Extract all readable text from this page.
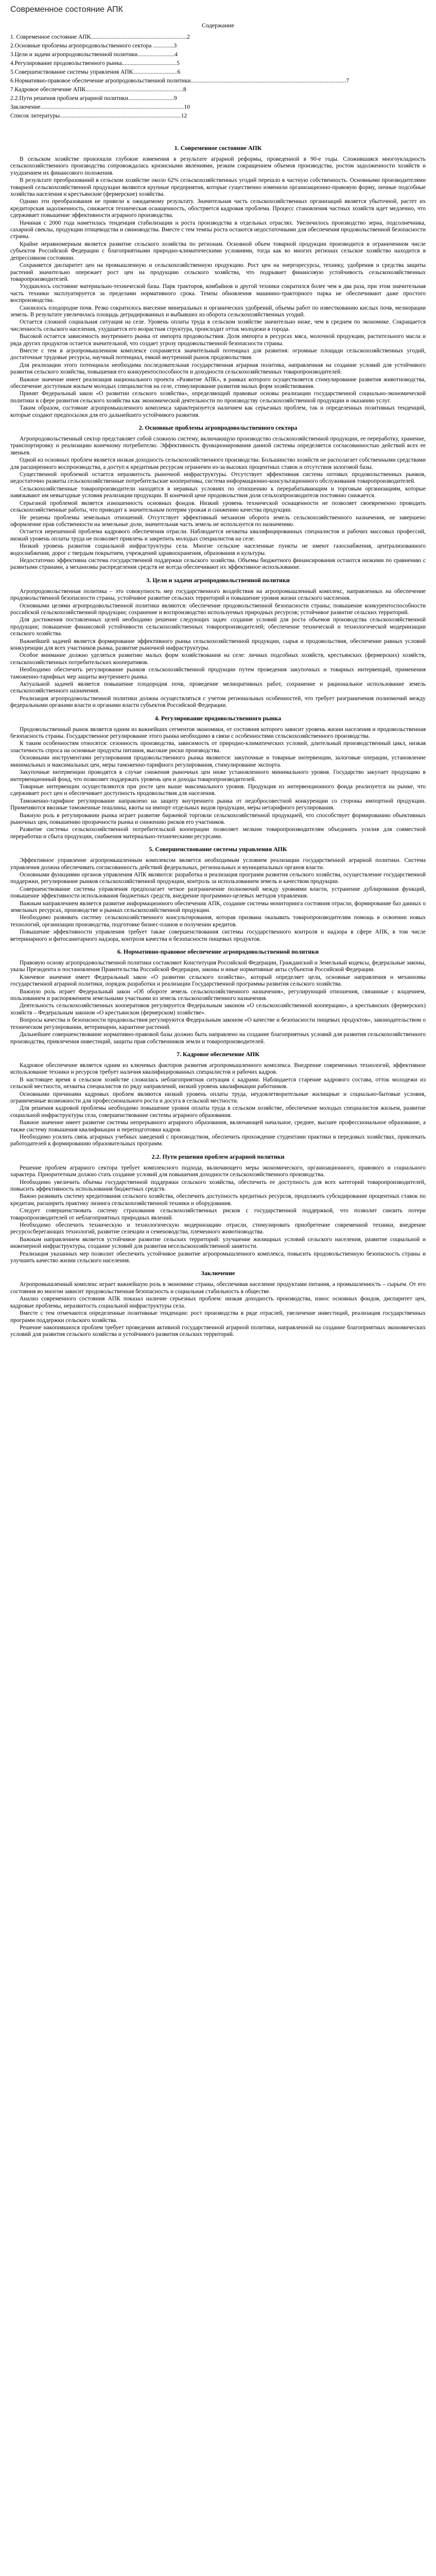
Современное состояние АПК
Содержание
1. Современное состояние АПК.................................................................2
2.Основные проблемы агропродовольственного сектора ..............3
3.Цели и задачи агропродовольственной политики.........................4
4.Регулирование продовольственного рынка.....................................5
5.Совершенствование системы управления АПК..............................6
6.Нормативно-правовое обеспечение агропродовольственной политики.........................................................................................................7
7.Кадровое обеспечение АПК..................................................................8
2.2.Пути решения проблем аграрной политики...............................9
Заключение.................................................................................................10
Список литературы..................................................................................12
1. Современное состояние АПК

В сельском хозяйстве произошли глубокие изменения в результате аграрной реформы, проведенной в 90-е годы. Сложившаяся многоукладность сельскохозяйственного производства сопровождалась кризисными явлениями, резким сокращением объемов производства, ростом задолженности хозяйств и ухудшением их финансового положения.

В результате преобразований в сельском хозяйстве около 62% сельскохозяйственных угодий перешло в частную собственность. Основными производителями товарной сельскохозяйственной продукции являются крупные предприятия, которые существенно изменили организационно-правовую форму, личные подсобные хозяйства населения и крестьянские (фермерские) хозяйства.

Однако эти преобразования не привели к ожидаемому результату. Значительная часть сельскохозяйственных организаций является убыточной, растет их кредиторская задолженность, снижается техническая оснащенность, обостряется кадровая проблема. Процесс становления частных хозяйств идет медленно, что сдерживает повышение эффективности аграрного производства.

Начиная с 2000 года наметилась тенденция стабилизации и роста производства в отдельных отраслях. Увеличилось производство зерна, подсолнечника, сахарной свеклы, продукции птицеводства и свиноводства. Вместе с тем темпы роста остаются недостаточными для обеспечения продовольственной безопасности страны.

Крайне неравномерным является развитие сельского хозяйства по регионам. Основной объем товарной продукции производится в ограниченном числе субъектов Российской Федерации с благоприятными природно-климатическими условиями, тогда как во многих регионах сельское хозяйство находится в депрессивном состоянии.

Сохраняется диспаритет цен на промышленную и сельскохозяйственную продукцию. Рост цен на энергоресурсы, технику, удобрения и средства защиты растений значительно опережает рост цен на продукцию сельского хозяйства, что подрывает финансовую устойчивость сельскохозяйственных товаропроизводителей.

Ухудшилось состояние материально-технической базы. Парк тракторов, комбайнов и другой техники сократился более чем в два раза, при этом значительная часть техники эксплуатируется за пределами нормативного срока. Темпы обновления машинно-тракторного парка не обеспечивают даже простого воспроизводства.

Снизилось плодородие почв. Резко сократилось внесение минеральных и органических удобрений, объемы работ по известкованию кислых почв, мелиорации земель. В результате увеличилась площадь деградированных и выбывших из оборота сельскохозяйственных угодий.

Остается сложной социальная ситуация на селе. Уровень оплаты труда в сельском хозяйстве значительно ниже, чем в среднем по экономике. Сокращается численность сельского населения, ухудшается его возрастная структура, происходит отток молодежи в города.

Высокой остается зависимость внутреннего рынка от импорта продовольствия. Доля импорта в ресурсах мяса, молочной продукции, растительного масла и ряда других продуктов остается значительной, что создает угрозу продовольственной безопасности страны.

Вместе с тем в агропромышленном комплексе сохраняется значительный потенциал для развития: огромные площади сельскохозяйственных угодий, достаточные трудовые ресурсы, научный потенциал, емкий внутренний рынок продовольствия.

Для реализации этого потенциала необходима последовательная государственная аграрная политика, направленная на создание условий для устойчивого развития сельского хозяйства, повышения его конкурентоспособности и доходности сельскохозяйственных товаропроизводителей.

Важное значение имеет реализация национального проекта «Развитие АПК», в рамках которого осуществляется стимулирование развития животноводства, обеспечение доступным жильем молодых специалистов на селе, стимулирование развития малых форм хозяйствования.

Принят Федеральный закон «О развитии сельского хозяйства», определяющий правовые основы реализации государственной социально-экономической политики в сфере развития сельского хозяйства как экономической деятельности по производству сельскохозяйственной продукции и оказанию услуг.

Таким образом, состояние агропромышленного комплекса характеризуется наличием как серьезных проблем, так и определенных позитивных тенденций, которые создают предпосылки для его дальнейшего устойчивого развития.

2. Основные проблемы агропродовольственного сектора

Агропродовольственный сектор представляет собой сложную систему, включающую производство сельскохозяйственной продукции, ее переработку, хранение, транспортировку и реализацию конечному потребителю. Эффективность функционирования данной системы определяется согласованностью действий всех ее звеньев.

Одной из основных проблем является низкая доходность сельскохозяйственного производства. Большинство хозяйств не располагает собственными средствами для расширенного воспроизводства, а доступ к кредитным ресурсам ограничен из-за высоких процентных ставок и отсутствия залоговой базы.

Существенной проблемой остается неразвитость рыночной инфраструктуры. Отсутствует эффективная система оптовых продовольственных рынков, недостаточно развиты сельскохозяйственные потребительские кооперативы, система информационно-консультационного обслуживания товаропроизводителей.

Сельскохозяйственные товаропроизводители находятся в неравных условиях по отношению к перерабатывающим и торговым организациям, которые навязывают им невыгодные условия реализации продукции. В конечной цене продовольствия доля сельхозпроизводителя постоянно снижается.

Серьезной проблемой является изношенность основных фондов. Низкий уровень технической оснащенности не позволяет своевременно проводить сельскохозяйственные работы, что приводит к значительным потерям урожая и снижению качества продукции.

Не решены проблемы земельных отношений. Отсутствует эффективный механизм оборота земель сельскохозяйственного назначения, не завершено оформление прав собственности на земельные доли, значительная часть земель не используется по назначению.

Остается нерешенной проблема кадрового обеспечения отрасли. Наблюдается нехватка квалифицированных специалистов и рабочих массовых профессий, низкий уровень оплаты труда не позволяет привлечь и закрепить молодых специалистов на селе.

Низкий уровень развития социальной инфраструктуры села. Многие сельские населенные пункты не имеют газоснабжения, централизованного водоснабжения, дорог с твердым покрытием, учреждений здравоохранения, образования и культуры.

Недостаточно эффективна система государственной поддержки сельского хозяйства. Объемы бюджетного финансирования остаются низкими по сравнению с развитыми странами, а механизмы распределения средств не всегда обеспечивают их эффективное использование.

3. Цели и задачи агропродовольственной политики

Агропродовольственная политика – это совокупность мер государственного воздействия на агропромышленный комплекс, направленных на обеспечение продовольственной безопасности страны, устойчивое развитие сельских территорий и повышение уровня жизни сельского населения.

Основными целями агропродовольственной политики являются: обеспечение продовольственной безопасности страны; повышение конкурентоспособности российской сельскохозяйственной продукции; сохранение и воспроизводство используемых природных ресурсов; устойчивое развитие сельских территорий.

Для достижения поставленных целей необходимо решение следующих задач: создание условий для роста объемов производства сельскохозяйственной продукции; повышение финансовой устойчивости сельскохозяйственных товаропроизводителей; обеспечение технической и технологической модернизации сельского хозяйства.

Важнейшей задачей является формирование эффективного рынка сельскохозяйственной продукции, сырья и продовольствия, обеспечение равных условий конкуренции для всех участников рынка, развитие рыночной инфраструктуры.

Особое внимание должно уделяться развитию малых форм хозяйствования на селе: личных подсобных хозяйств, крестьянских (фермерских) хозяйств, сельскохозяйственных потребительских кооперативов.

Необходимо обеспечить регулирование рынков сельскохозяйственной продукции путем проведения закупочных и товарных интервенций, применения таможенно-тарифных мер защиты внутреннего рынка.

Актуальной задачей является повышение плодородия почв, проведение мелиоративных работ, сохранение и рациональное использование земель сельскохозяйственного назначения.

Реализация агропродовольственной политики должна осуществляться с учетом региональных особенностей, что требует разграничения полномочий между федеральными органами власти и органами власти субъектов Российской Федерации.

4. Регулирование продовольственного рынка

Продовольственный рынок является одним из важнейших сегментов экономики, от состояния которого зависит уровень жизни населения и продовольственная безопасность страны. Государственное регулирование этого рынка необходимо в связи с особенностями сельскохозяйственного производства.

К таким особенностям относятся: сезонность производства, зависимость от природно-климатических условий, длительный производственный цикл, низкая эластичность спроса на основные продукты питания, высокие риски производства.

Основными инструментами регулирования продовольственного рынка являются: закупочные и товарные интервенции, залоговые операции, установление минимальных и максимальных цен, меры таможенно-тарифного регулирования, стимулирование экспорта.

Закупочные интервенции проводятся в случае снижения рыночных цен ниже установленного минимального уровня. Государство закупает продукцию в интервенционный фонд, что позволяет поддержать уровень цен и доходы товаропроизводителей.

Товарные интервенции осуществляются при росте цен выше максимального уровня. Продукция из интервенционного фонда реализуется на рынке, что сдерживает рост цен и обеспечивает доступность продовольствия для населения.

Таможенно-тарифное регулирование направлено на защиту внутреннего рынка от недобросовестной конкуренции со стороны импортной продукции. Применяются ввозные таможенные пошлины, квоты на импорт отдельных видов продукции, меры нетарифного регулирования.

Важную роль в регулировании рынка играет развитие биржевой торговли сельскохозяйственной продукцией, что способствует формированию объективных рыночных цен, повышению прозрачности рынка и снижению рисков его участников.

Развитие системы сельскохозяйственной потребительской кооперации позволяет мелким товаропроизводителям объединять усилия для совместной переработки и сбыта продукции, снабжения материально-техническими ресурсами.

5. Совершенствование системы управления АПК

Эффективное управление агропромышленным комплексом является необходимым условием реализации государственной аграрной политики. Система управления должна обеспечивать согласованность действий федеральных, региональных и муниципальных органов власти.

Основными функциями органов управления АПК являются: разработка и реализация программ развития сельского хозяйства, осуществление государственной поддержки, регулирование рынков сельскохозяйственной продукции, контроль за использованием земель и качеством продукции.

Совершенствование системы управления предполагает четкое разграничение полномочий между уровнями власти, устранение дублирования функций, повышение эффективности использования бюджетных средств, внедрение программно-целевых методов управления.

Важным направлением является развитие информационного обеспечения АПК, создание системы мониторинга состояния отрасли, формирование баз данных о земельных ресурсах, производстве и рынках сельскохозяйственной продукции.

Необходимо развивать систему сельскохозяйственного консультирования, которая призвана оказывать товаропроизводителям помощь в освоении новых технологий, организации производства, подготовке бизнес-планов и получении кредитов.

Повышение эффективности управления требует также совершенствования системы государственного контроля и надзора в сфере АПК, в том числе ветеринарного и фитосанитарного надзора, контроля качества и безопасности пищевых продуктов.

6. Нормативно-правовое обеспечение агропродовольственной политики

Правовую основу агропродовольственной политики составляют Конституция Российской Федерации, Гражданский и Земельный кодексы, федеральные законы, указы Президента и постановления Правительства Российской Федерации, законы и иные нормативные акты субъектов Российской Федерации.

Ключевое значение имеет Федеральный закон «О развитии сельского хозяйства», который определяет цели, основные направления и механизмы государственной аграрной политики, порядок разработки и реализации Государственной программы развития сельского хозяйства.

Важную роль играет Федеральный закон «Об обороте земель сельскохозяйственного назначения», регулирующий отношения, связанные с владением, пользованием и распоряжением земельными участками из земель сельскохозяйственного назначения.

Деятельность сельскохозяйственных кооперативов регулируется Федеральным законом «О сельскохозяйственной кооперации», а крестьянских (фермерских) хозяйств – Федеральным законом «О крестьянском (фермерском) хозяйстве».

Вопросы качества и безопасности продовольствия регулируются Федеральным законом «О качестве и безопасности пищевых продуктов», законодательством о техническом регулировании, ветеринарии, карантине растений.

Дальнейшее совершенствование нормативно-правовой базы должно быть направлено на создание благоприятных условий для развития сельскохозяйственного производства, привлечения инвестиций, защиты прав собственников земли и товаропроизводителей.

7. Кадровое обеспечение АПК

Кадровое обеспечение является одним из ключевых факторов развития агропромышленного комплекса. Внедрение современных технологий, эффективное использование техники и ресурсов требует наличия квалифицированных специалистов и рабочих кадров.

В настоящее время в сельском хозяйстве сложилась неблагоприятная ситуация с кадрами. Наблюдается старение кадрового состава, отток молодежи из сельской местности, нехватка специалистов по ряду направлений, низкий уровень квалификации работников.

Основными причинами кадровых проблем являются низкий уровень оплаты труда, неудовлетворительные жилищные и социально-бытовые условия, ограниченные возможности для профессионального роста и досуга в сельской местности.

Для решения кадровой проблемы необходимо повышение уровня оплаты труда в сельском хозяйстве, обеспечение молодых специалистов жильем, развитие социальной инфраструктуры села, совершенствование системы аграрного образования.

Важное значение имеет развитие системы непрерывного аграрного образования, включающей начальное, среднее, высшее профессиональное образование, а также систему повышения квалификации и переподготовки кадров.

Необходимо усилить связь аграрных учебных заведений с производством, обеспечить прохождение студентами практики в передовых хозяйствах, привлекать работодателей к формированию образовательных программ.

2.2. Пути решения проблем аграрной политики

Решение проблем аграрного сектора требует комплексного подхода, включающего меры экономического, организационного, правового и социального характера. Приоритетным должно стать создание условий для повышения доходности сельскохозяйственного производства.

Необходимо увеличить объемы государственной поддержки сельского хозяйства, обеспечить ее доступность для всех категорий товаропроизводителей, повысить эффективность использования бюджетных средств.

Важно развивать систему кредитования сельского хозяйства, обеспечить доступность кредитных ресурсов, продолжить субсидирование процентных ставок по кредитам, расширить практику лизинга сельскохозяйственной техники и оборудования.

Следует совершенствовать систему страхования сельскохозяйственных рисков с государственной поддержкой, что позволит снизить потери товаропроизводителей от неблагоприятных природных явлений.

Необходимо обеспечить техническую и технологическую модернизацию отрасли, стимулировать приобретение современной техники, внедрение ресурсосберегающих технологий, развитие селекции и семеноводства, племенного животноводства.

Важным направлением является устойчивое развитие сельских территорий: улучшение жилищных условий сельского населения, развитие социальной и инженерной инфраструктуры, создание условий для развития несельскохозяйственной занятости.

Реализация указанных мер позволит обеспечить устойчивое развитие агропромышленного комплекса, повысить продовольственную безопасность страны и улучшить качество жизни сельского населения.

Заключение

Агропромышленный комплекс играет важнейшую роль в экономике страны, обеспечивая население продуктами питания, а промышленность – сырьем. От его состояния во многом зависит продовольственная безопасность и социальная стабильность в обществе.

Анализ современного состояния АПК показал наличие серьезных проблем: низкая доходность производства, износ основных фондов, диспаритет цен, кадровые проблемы, неразвитость социальной инфраструктуры села.

Вместе с тем отмечаются определенные позитивные тенденции: рост производства в ряде отраслей, увеличение инвестиций, реализация государственных программ поддержки сельского хозяйства.

Решение накопившихся проблем требует проведения активной государственной аграрной политики, направленной на создание благоприятных экономических условий для развития сельского хозяйства и устойчивого развития сельских территорий.
